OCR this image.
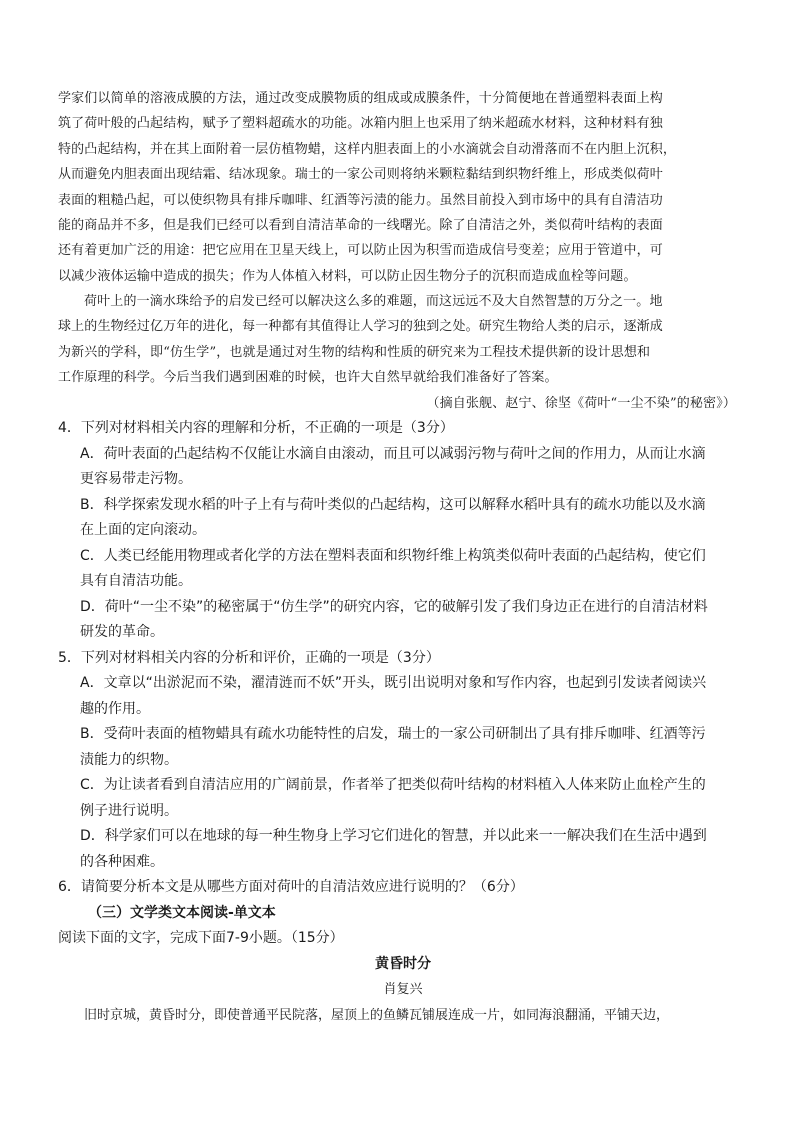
学家们以简单的溶液成膜的方法，通过改变成膜物质的组成或成膜条件，十分简便地在普通塑料表面上构
筑了荷叶般的凸起结构，赋予了塑料超疏水的功能。冰箱内胆上也采用了纳米超疏水材料，这种材料有独
特的凸起结构，并在其上面附着一层仿植物蜡，这样内胆表面上的小水滴就会自动滑落而不在内胆上沉积，
从而避免内胆表面出现结霜、结冰现象。瑞士的一家公司则将纳米颗粒黏结到织物纤维上，形成类似荷叶
表面的粗糙凸起，可以使织物具有排斥咖啡、红酒等污渍的能力。虽然目前投入到市场中的具有自清洁功
能的商品并不多，但是我们已经可以看到自清洁革命的一线曙光。除了自清洁之外，类似荷叶结构的表面
还有着更加广泛的用途：把它应用在卫星天线上，可以防止因为积雪而造成信号变差；应用于管道中，可
以减少液体运输中造成的损失；作为人体植入材料，可以防止因生物分子的沉积而造成血栓等问题。
荷叶上的一滴水珠给予的启发已经可以解决这么多的难题，而这远远不及大自然智慧的万分之一。地
球上的生物经过亿万年的进化，每一种都有其值得让人学习的独到之处。研究生物给人类的启示，逐渐成
为新兴的学科，即“仿生学”，也就是通过对生物的结构和性质的研究来为工程技术提供新的设计思想和
工作原理的科学。今后当我们遇到困难的时候，也许大自然早就给我们准备好了答案。
（摘自张舰、赵宁、徐坚《荷叶“一尘不染”的秘密》）
4．下列对材料相关内容的理解和分析，不正确的一项是（3分）
A．荷叶表面的凸起结构不仅能让水滴自由滚动，而且可以减弱污物与荷叶之间的作用力，从而让水滴
更容易带走污物。
B．科学探索发现水稻的叶子上有与荷叶类似的凸起结构，这可以解释水稻叶具有的疏水功能以及水滴
在上面的定向滚动。
C．人类已经能用物理或者化学的方法在塑料表面和织物纤维上构筑类似荷叶表面的凸起结构，使它们
具有自清洁功能。
D．荷叶“一尘不染”的秘密属于“仿生学”的研究内容，它的破解引发了我们身边正在进行的自清洁材料
研发的革命。
5．下列对材料相关内容的分析和评价，正确的一项是（3分）
A．文章以“出淤泥而不染，濯清涟而不妖”开头，既引出说明对象和写作内容，也起到引发读者阅读兴
趣的作用。
B．受荷叶表面的植物蜡具有疏水功能特性的启发，瑞士的一家公司研制出了具有排斥咖啡、红酒等污
渍能力的织物。
C．为让读者看到自清洁应用的广阔前景，作者举了把类似荷叶结构的材料植入人体来防止血栓产生的
例子进行说明。
D．科学家们可以在地球的每一种生物身上学习它们进化的智慧，并以此来一一解决我们在生活中遇到
的各种困难。
6．请简要分析本文是从哪些方面对荷叶的自清洁效应进行说明的？（6分）
（三）文学类文本阅读-单文本
阅读下面的文字，完成下面7-9小题。（15分）
黄昏时分
肖复兴
旧时京城，黄昏时分，即使普通平民院落，屋顶上的鱼鳞瓦铺展连成一片，如同海浪翻涌，平铺天边，
